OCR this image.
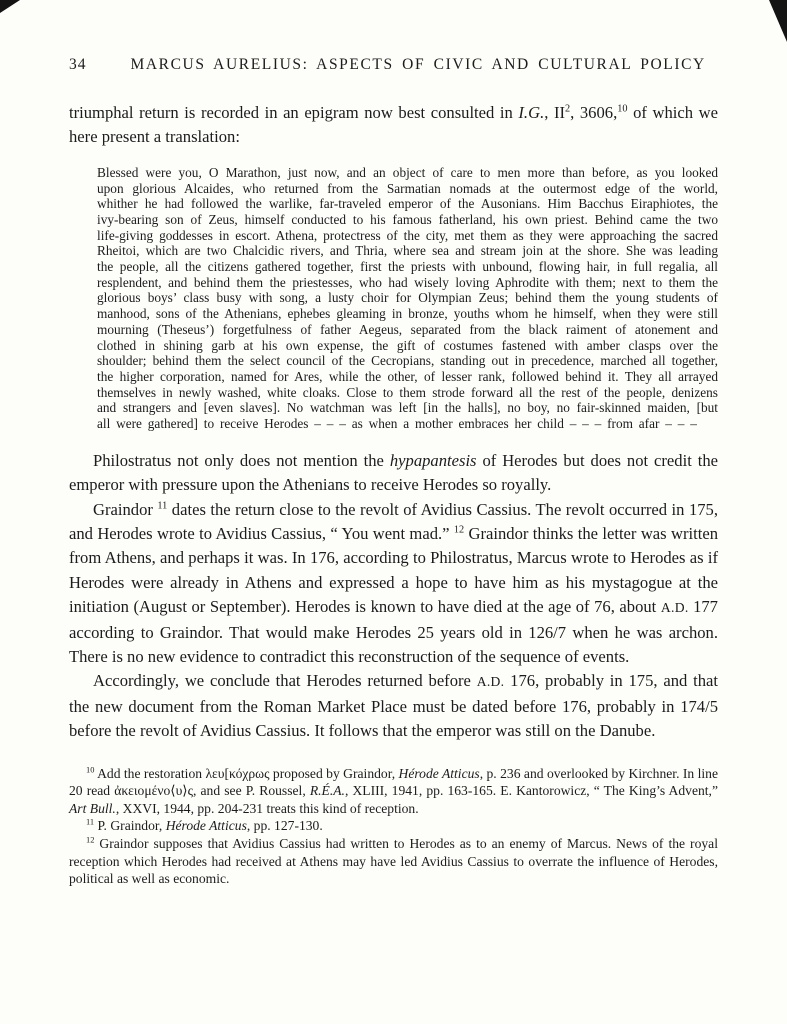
34	MARCUS AURELIUS: ASPECTS OF CIVIC AND CULTURAL POLICY

triumphal return is recorded in an epigram now best consulted in I.G., $II^2$, 3606,10 of which we here present a translation:

Blessed were you, O Marathon, just now, and an object of care to men more than before, as you looked upon glorious Alcaides, who returned from the Sarmatian nomads at the outermost edge of the world, whither he had followed the warlike, far-traveled emperor of the Ausonians. Him Bacchus Eiraphiotes, the ivy-bearing son of Zeus, himself conducted to his famous fatherland, his own priest. Behind came the two life-giving goddesses in escort. Athena, protectress of the city, met them as they were approaching the sacred Rheitoi, which are two Chalcidic rivers, and Thria, where sea and stream join at the shore. She was leading the people, all the citizens gathered together, first the priests with unbound, flowing hair, in full regalia, all resplendent, and behind them the priestesses, who had wisely loving Aphrodite with them; next to them the glorious boys’ class busy with song, a lusty choir for Olympian Zeus; behind them the young students of manhood, sons of the Athenians, ephebes gleaming in bronze, youths whom he himself, when they were still mourning (Theseus’) forgetfulness of father Aegeus, separated from the black raiment of atonement and clothed in shining garb at his own expense, the gift of costumes fastened with amber clasps over the shoulder; behind them the select council of the Cecropians, standing out in precedence, marched all together, the higher corporation, named for Ares, while the other, of lesser rank, followed behind it. They all arrayed themselves in newly washed, white cloaks. Close to them strode forward all the rest of the people, denizens and strangers and [even slaves]. No watchman was left [in the halls], no boy, no fair-skinned maiden, [but all were gathered] to receive Herodes – – – as when a mother embraces her child – – – from afar – – –

Philostratus not only does not mention the hypapantesis of Herodes but does not credit the emperor with pressure upon the Athenians to receive Herodes so royally.

Graindor $^{11}$ dates the return close to the revolt of Avidius Cassius. The revolt occurred in 175, and Herodes wrote to Avidius Cassius, “ You went mad.” $^{12}$ Graindor thinks the letter was written from Athens, and perhaps it was. In 176, according to Philostratus, Marcus wrote to Herodes as if Herodes were already in Athens and expressed a hope to have him as his mystagogue at the initiation (August or September). Herodes is known to have died at the age of 76, about A.D. 177 according to Graindor. That would make Herodes 25 years old in 126/7 when he was archon. There is no new evidence to contradict this reconstruction of the sequence of events.

Accordingly, we conclude that Herodes returned before A.D. 176, probably in 175, and that the new document from the Roman Market Place must be dated before 176, probably in 174/5 before the revolt of Avidius Cassius. It follows that the emperor was still on the Danube.

$^{10}$ Add the restoration λευ[κόχρως proposed by Graindor, Hérode Atticus, p. 236 and overlooked by Kirchner. In line 20 read ἀκειομένο⟨υ⟩ς, and see P. Roussel, R.É.A., XLIII, 1941, pp. 163-165. E. Kantorowicz, “ The King’s Advent,” Art Bull., XXVI, 1944, pp. 204-231 treats this kind of reception.

$^{11}$ P. Graindor, Hérode Atticus, pp. 127-130.

$^{12}$ Graindor supposes that Avidius Cassius had written to Herodes as to an enemy of Marcus. News of the royal reception which Herodes had received at Athens may have led Avidius Cassius to overrate the influence of Herodes, political as well as economic.
